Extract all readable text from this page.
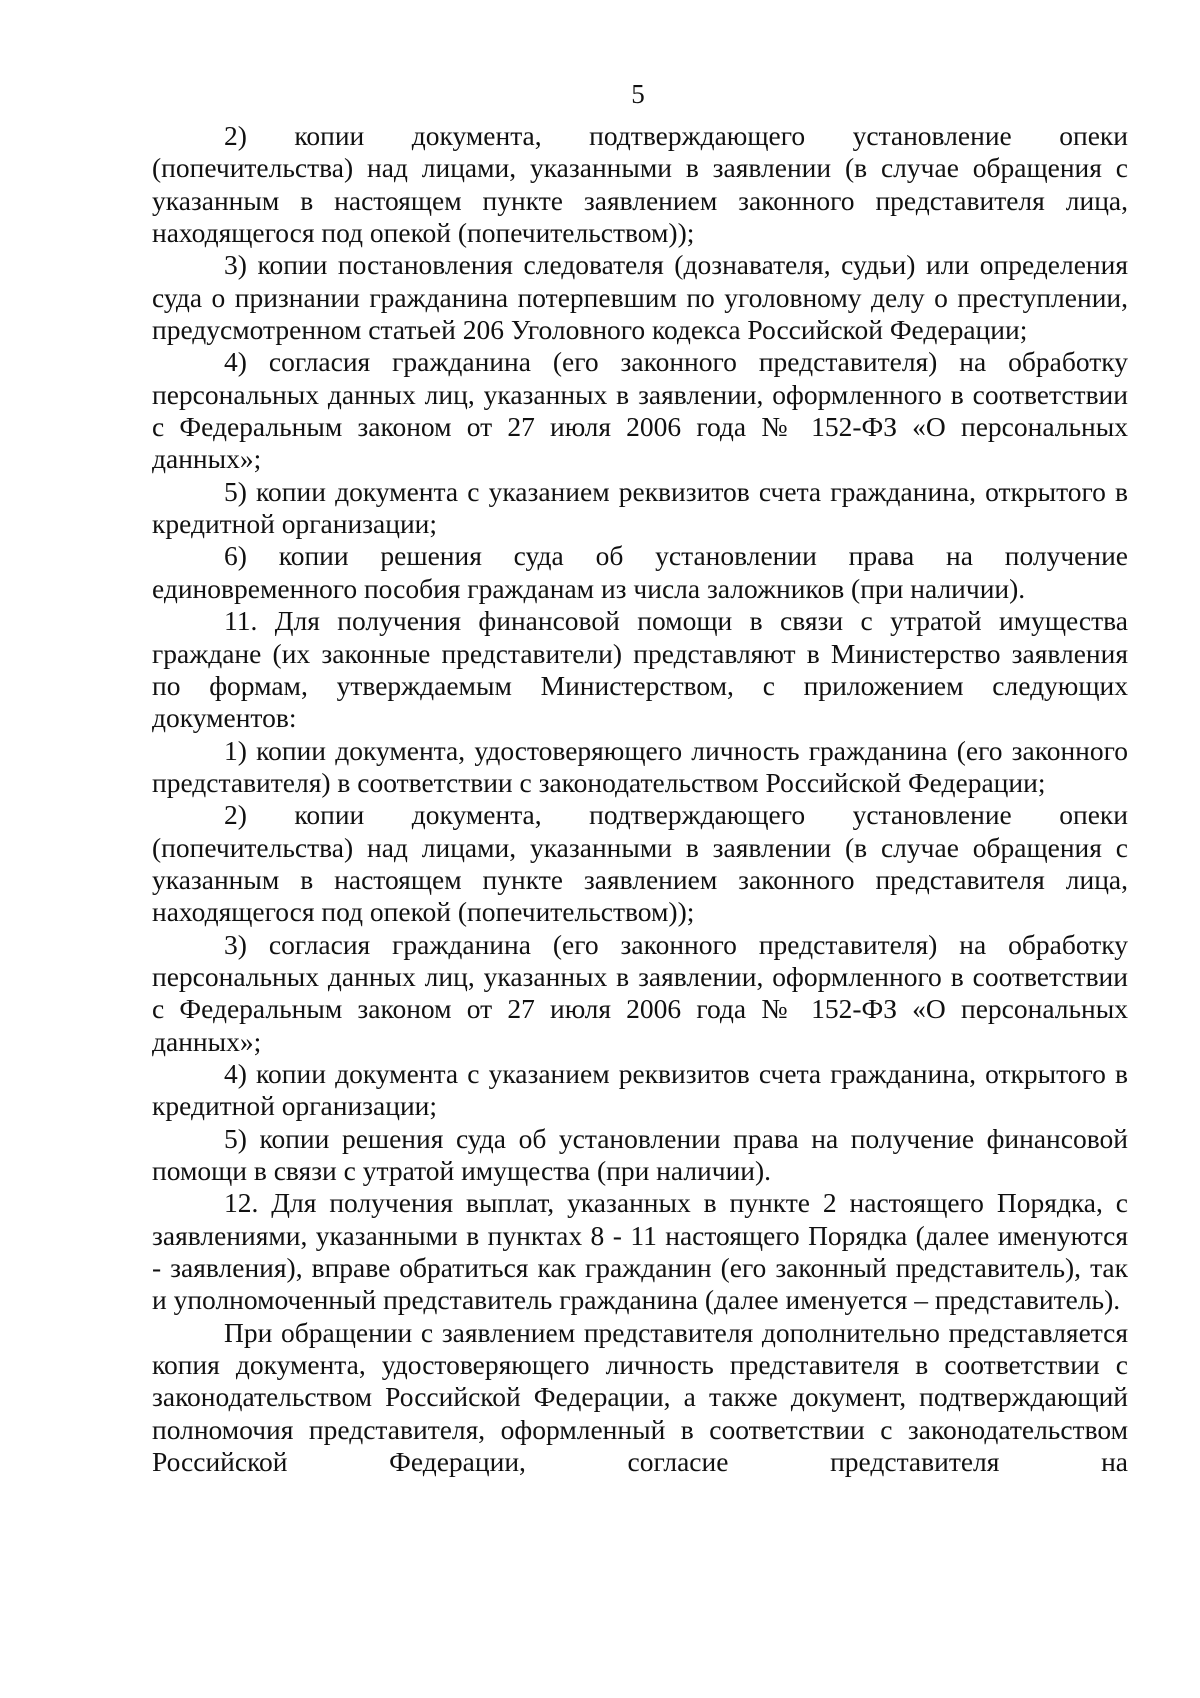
5

2) копии документа, подтверждающего установление опеки (попечительства) над лицами, указанными в заявлении (в случае обращения с указанным в настоящем пункте заявлением законного представителя лица, находящегося под опекой (попечительством));

3) копии постановления следователя (дознавателя, судьи) или определения суда о признании гражданина потерпевшим по уголовному делу о преступлении, предусмотренном статьей 206 Уголовного кодекса Российской Федерации;

4) согласия гражданина (его законного представителя) на обработку персональных данных лиц, указанных в заявлении, оформленного в соответствии с Федеральным законом от 27 июля 2006 года № 152-ФЗ «О персональных данных»;

5) копии документа с указанием реквизитов счета гражданина, открытого в кредитной организации;

6) копии решения суда об установлении права на получение единовременного пособия гражданам из числа заложников (при наличии).

11. Для получения финансовой помощи в связи с утратой имущества граждане (их законные представители) представляют в Министерство заявления по формам, утверждаемым Министерством, с приложением следующих документов:

1) копии документа, удостоверяющего личность гражданина (его законного представителя) в соответствии с законодательством Российской Федерации;

2) копии документа, подтверждающего установление опеки (попечительства) над лицами, указанными в заявлении (в случае обращения с указанным в настоящем пункте заявлением законного представителя лица, находящегося под опекой (попечительством));

3) согласия гражданина (его законного представителя) на обработку персональных данных лиц, указанных в заявлении, оформленного в соответствии с Федеральным законом от 27 июля 2006 года № 152-ФЗ «О персональных данных»;

4) копии документа с указанием реквизитов счета гражданина, открытого в кредитной организации;

5) копии решения суда об установлении права на получение финансовой помощи в связи с утратой имущества (при наличии).

12. Для получения выплат, указанных в пункте 2 настоящего Порядка, с заявлениями, указанными в пунктах 8 - 11 настоящего Порядка (далее именуются - заявления), вправе обратиться как гражданин (его законный представитель), так и уполномоченный представитель гражданина (далее именуется – представитель).

При обращении с заявлением представителя дополнительно представляется копия документа, удостоверяющего личность представителя в соответствии с законодательством Российской Федерации, а также документ, подтверждающий полномочия представителя, оформленный в соответствии с законодательством Российской Федерации, согласие представителя на
